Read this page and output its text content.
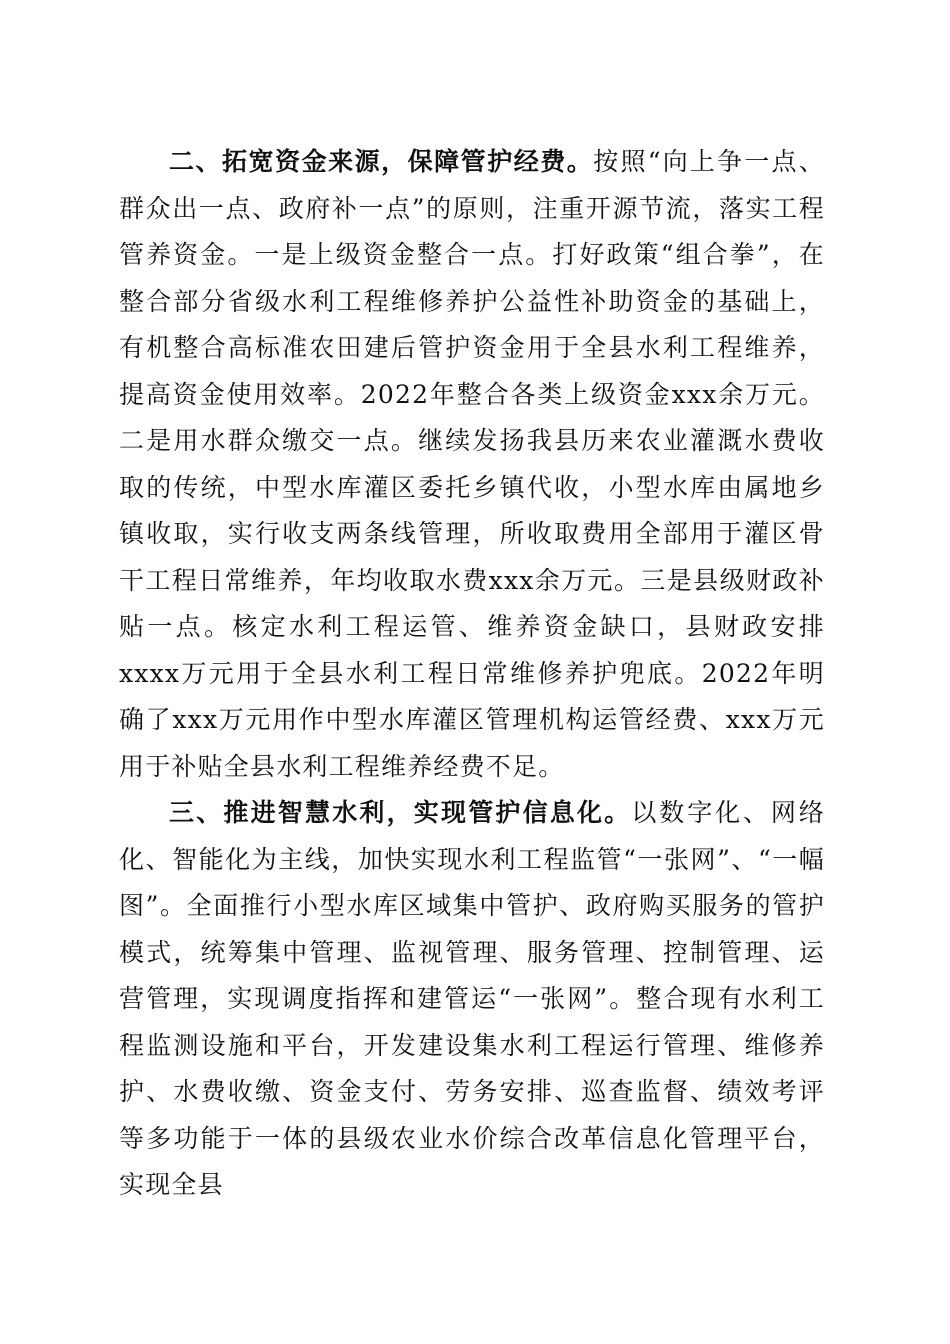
二、拓宽资金来源，保障管护经费。按照“向上争一点、群众出一点、政府补一点”的原则，注重开源节流，落实工程管养资金。一是上级资金整合一点。打好政策“组合拳”，在整合部分省级水利工程维修养护公益性补助资金的基础上，有机整合高标准农田建后管护资金用于全县水利工程维养，提高资金使用效率。2022年整合各类上级资金xxx余万元。二是用水群众缴交一点。继续发扬我县历来农业灌溉水费收取的传统，中型水库灌区委托乡镇代收，小型水库由属地乡镇收取，实行收支两条线管理，所收取费用全部用于灌区骨干工程日常维养，年均收取水费xxx余万元。三是县级财政补贴一点。核定水利工程运管、维养资金缺口，县财政安排xxxx万元用于全县水利工程日常维修养护兜底。2022年明确了xxx万元用作中型水库灌区管理机构运管经费、xxx万元用于补贴全县水利工程维养经费不足。

三、推进智慧水利，实现管护信息化。以数字化、网络化、智能化为主线，加快实现水利工程监管“一张网”、“一幅图”。全面推行小型水库区域集中管护、政府购买服务的管护模式，统筹集中管理、监视管理、服务管理、控制管理、运营管理，实现调度指挥和建管运“一张网”。整合现有水利工程监测设施和平台，开发建设集水利工程运行管理、维修养护、水费收缴、资金支付、劳务安排、巡查监督、绩效考评等多功能于一体的县级农业水价综合改革信息化管理平台，实现全县
